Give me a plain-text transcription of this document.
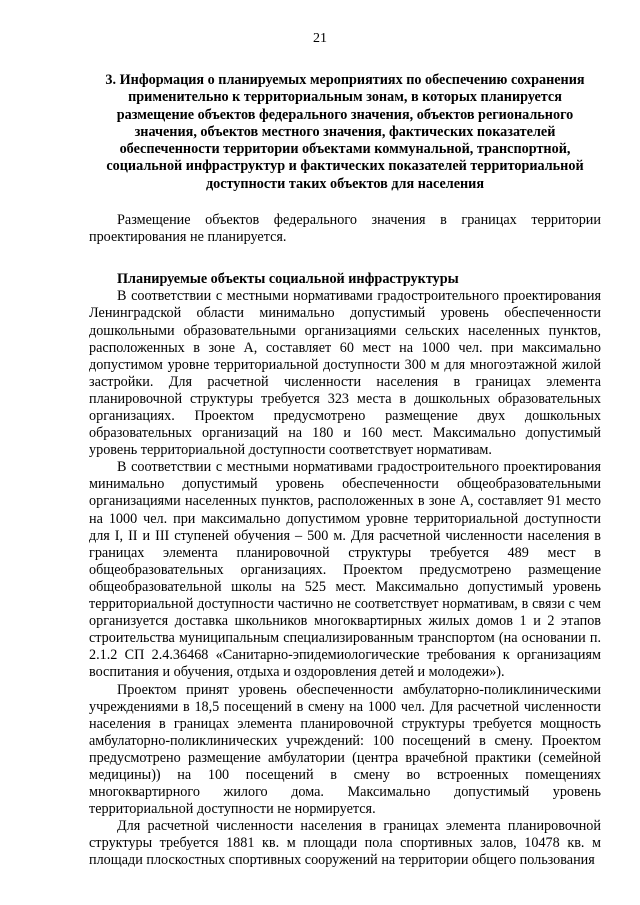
21
3. Информация о планируемых мероприятиях по обеспечению сохранения применительно к территориальным зонам, в которых планируется размещение объектов федерального значения, объектов регионального значения, объектов местного значения, фактических показателей обеспеченности территории объектами коммунальной, транспортной, социальной инфраструктур и фактических показателей территориальной доступности таких объектов для населения

Размещение объектов федерального значения в границах территории проектирования не планируется.

Планируемые объекты социальной инфраструктуры

В соответствии с местными нормативами градостроительного проектирования Ленинградской области минимально допустимый уровень обеспеченности дошкольными образовательными организациями сельских населенных пунктов, расположенных в зоне А, составляет 60 мест на 1000 чел. при максимально допустимом уровне территориальной доступности 300 м для многоэтажной жилой застройки. Для расчетной численности населения в границах элемента планировочной структуры требуется 323 места в дошкольных образовательных организациях. Проектом предусмотрено размещение двух дошкольных образовательных организаций на 180 и 160 мест. Максимально допустимый уровень территориальной доступности соответствует нормативам.

В соответствии с местными нормативами градостроительного проектирования минимально допустимый уровень обеспеченности общеобразовательными организациями населенных пунктов, расположенных в зоне А, составляет 91 место на 1000 чел. при максимально допустимом уровне территориальной доступности для I, II и III ступеней обучения – 500 м. Для расчетной численности населения в границах элемента планировочной структуры требуется 489 мест в общеобразовательных организациях. Проектом предусмотрено размещение общеобразовательной школы на 525 мест. Максимально допустимый уровень территориальной доступности частично не соответствует нормативам, в связи с чем организуется доставка школьников многоквартирных жилых домов 1 и 2 этапов строительства муниципальным специализированным транспортом (на основании п. 2.1.2 СП 2.4.36468 «Санитарно-эпидемиологические требования к организациям воспитания и обучения, отдыха и оздоровления детей и молодежи»).

Проектом принят уровень обеспеченности амбулаторно-поликлиническими учреждениями в 18,5 посещений в смену на 1000 чел. Для расчетной численности населения в границах элемента планировочной структуры требуется мощность амбулаторно-поликлинических учреждений: 100 посещений в смену. Проектом предусмотрено размещение амбулатории (центра врачебной практики (семейной медицины)) на 100 посещений в смену во встроенных помещениях многоквартирного жилого дома. Максимально допустимый уровень территориальной доступности не нормируется.

Для расчетной численности населения в границах элемента планировочной структуры требуется 1881 кв. м площади пола спортивных залов, 10478 кв. м площади плоскостных спортивных сооружений на территории общего пользования
